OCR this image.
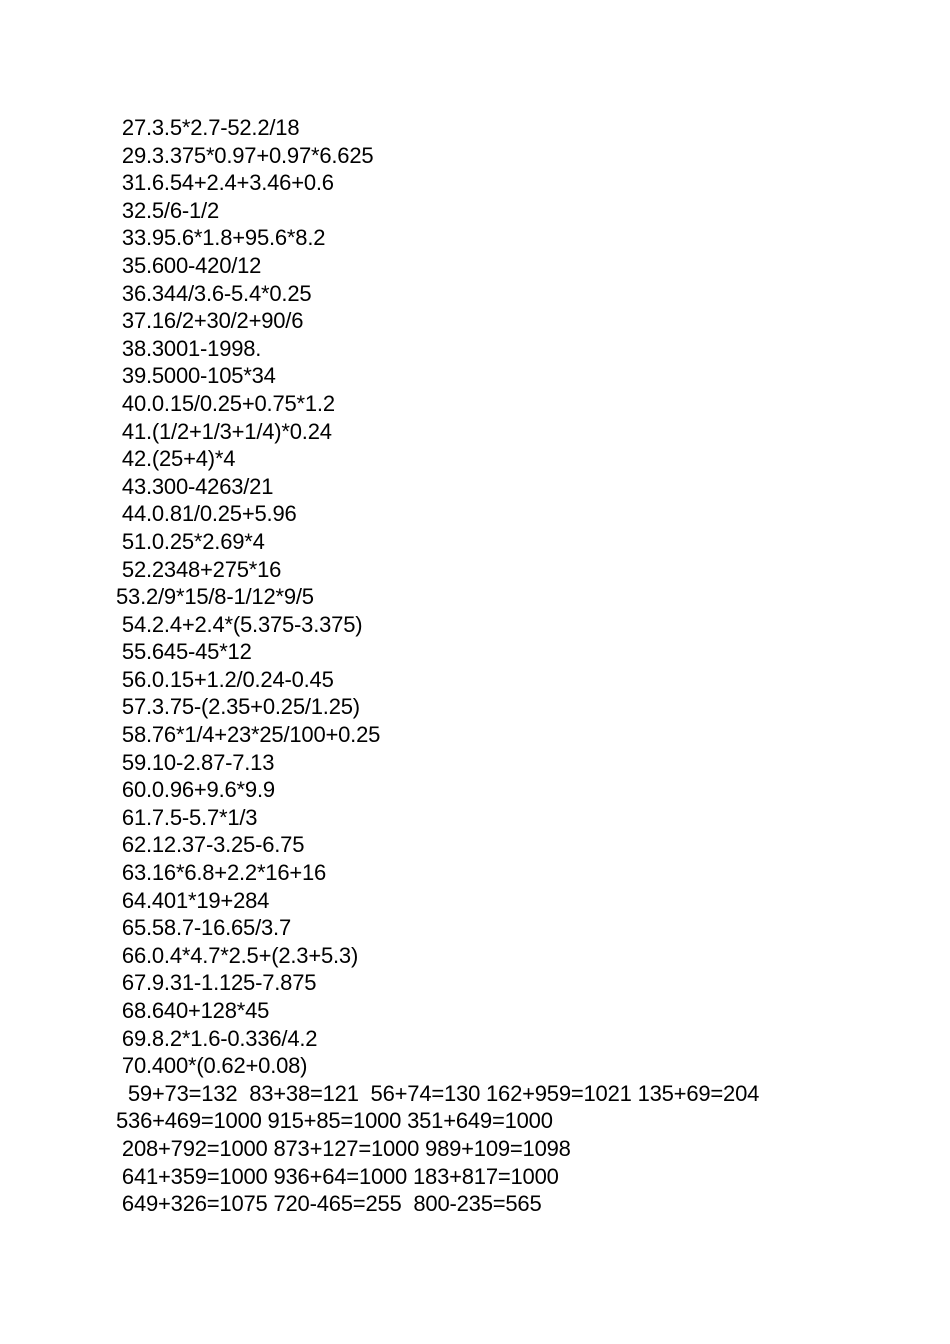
27.3.5*2.7-52.2/18
29.3.375*0.97+0.97*6.625
31.6.54+2.4+3.46+0.6
32.5/6-1/2
33.95.6*1.8+95.6*8.2
35.600-420/12
36.344/3.6-5.4*0.25
37.16/2+30/2+90/6
38.3001-1998.
39.5000-105*34
40.0.15/0.25+0.75*1.2
41.(1/2+1/3+1/4)*0.24
42.(25+4)*4
43.300-4263/21
44.0.81/0.25+5.96
51.0.25*2.69*4
52.2348+275*16
53.2/9*15/8-1/12*9/5
54.2.4+2.4*(5.375-3.375)
55.645-45*12
56.0.15+1.2/0.24-0.45
57.3.75-(2.35+0.25/1.25)
58.76*1/4+23*25/100+0.25
59.10-2.87-7.13
60.0.96+9.6*9.9
61.7.5-5.7*1/3
62.12.37-3.25-6.75
63.16*6.8+2.2*16+16
64.401*19+284
65.58.7-16.65/3.7
66.0.4*4.7*2.5+(2.3+5.3)
67.9.31-1.125-7.875
68.640+128*45
69.8.2*1.6-0.336/4.2
70.400*(0.62+0.08)
59+73=132  83+38=121  56+74=130 162+959=1021 135+69=204
536+469=1000 915+85=1000 351+649=1000
208+792=1000 873+127=1000 989+109=1098
641+359=1000 936+64=1000 183+817=1000
649+326=1075 720-465=255  800-235=565
